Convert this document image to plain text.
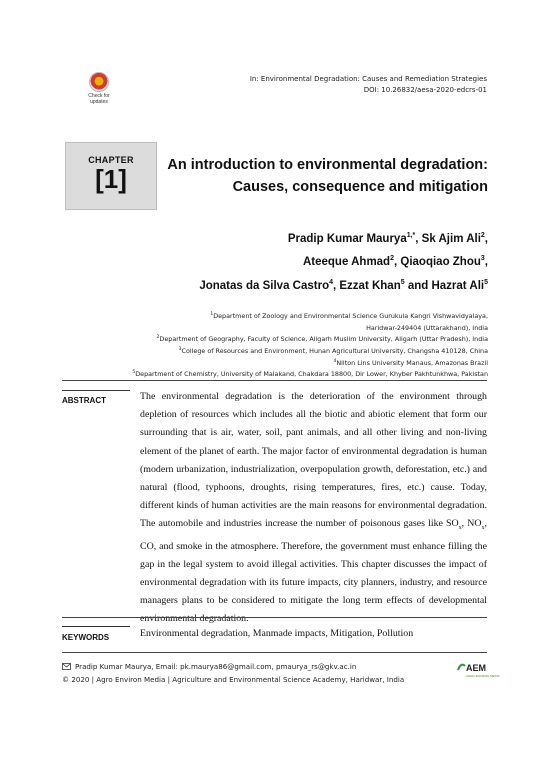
Check for updates
In: Environmental Degradation: Causes and Remediation Strategies
DOI: 10.26832/aesa-2020-edcrs-01
CHAPTER
[1]	An introduction to environmental degradation:
Causes, consequence and mitigation
Pradip Kumar Maurya$^{1,*}$, Sk Ajim Ali$^2$,
Ateeque Ahmad$^2$, Qiaoqiao Zhou$^3$,
Jonatas da Silva Castro$^4$, Ezzat Khan$^5$ and Hazrat Ali$^5$
$^1$Department of Zoology and Environmental Science Gurukula Kangri Vishwavidyalaya,
Haridwar-249404 (Uttarakhand), India
$^2$Department of Geography, Faculty of Science, Aligarh Muslim University, Aligarh (Uttar Pradesh), India
$^3$College of Resources and Environment, Hunan Agricultural University, Changsha 410128, China
$^4$Nilton Lins University Manaus, Amazonas Brazil
$^5$Department of Chemistry, University of Malakand, Chakdara 18800, Dir Lower, Khyber Pakhtunkhwa, Pakistan
ABSTRACT	The environmental degradation is the deterioration of the environment through depletion of resources which includes all the biotic and abiotic element that form our surrounding that is air, water, soil, pant animals, and all other living and non-living element of the planet of earth. The major factor of environmental degradation is human (modern urbanization, industrialization, overpopulation growth, deforestation, etc.) and natural (flood, typhoons, droughts, rising temperatures, fires, etc.) cause. Today, different kinds of human activities are the main reasons for environmental degradation. The automobile and industries increase the number of poisonous gases like $SO_x$, $NO_x$, CO, and smoke in the atmosphere. Therefore, the government must enhance filling the gap in the legal system to avoid illegal activities. This chapter discusses the impact of environmental degradation with its future impacts, city planners, industry, and resource managers plans to be considered to mitigate the long term effects of developmental environmental degradation.
KEYWORDS	Environmental degradation, Manmade impacts, Mitigation, Pollution
Pradip Kumar Maurya, Email: pk.maurya86@gmail.com, pmaurya_rs@gkv.ac.in
© 2020 | Agro Environ Media | Agriculture and Environmental Science Academy, Haridwar, India
AEM
AGRO ENVIRON MEDIA
